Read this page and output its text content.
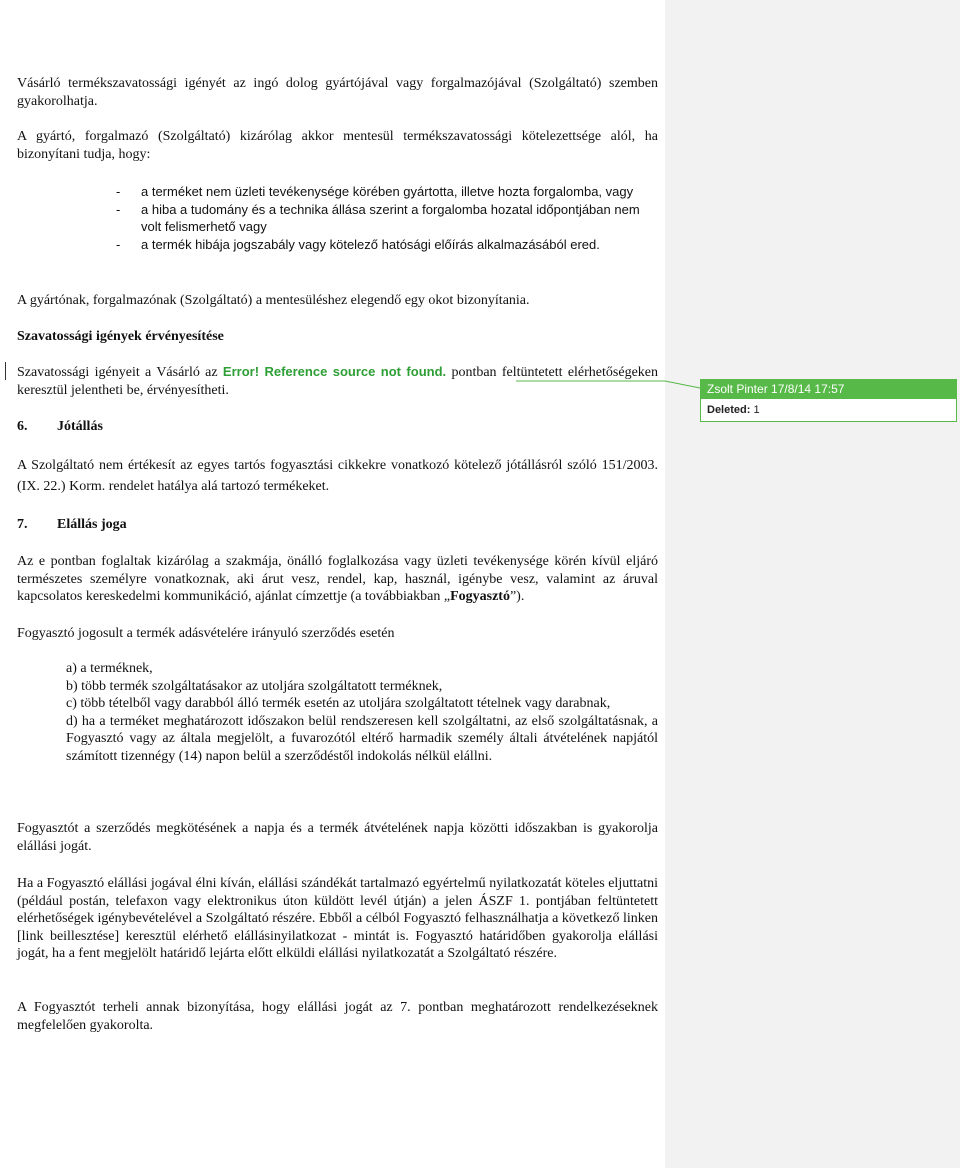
Vásárló termékszavatossági igényét az ingó dolog gyártójával vagy forgalmazójával (Szolgáltató) szemben gyakorolhatja.

A gyártó, forgalmazó (Szolgáltató) kizárólag akkor mentesül termékszavatossági kötelezettsége alól, ha bizonyítani tudja, hogy:

- a terméket nem üzleti tevékenysége körében gyártotta, illetve hozta forgalomba, vagy
- a hiba a tudomány és a technika állása szerint a forgalomba hozatal időpontjában nem volt felismerhető vagy
- a termék hibája jogszabály vagy kötelező hatósági előírás alkalmazásából ered.

A gyártónak, forgalmazónak (Szolgáltató) a mentesüléshez elegendő egy okot bizonyítania.

Szavatossági igények érvényesítése

Szavatossági igényeit a Vásárló az Error! Reference source not found. pontban feltüntetett elérhetőségeken keresztül jelentheti be, érvényesítheti.

6. Jótállás

A Szolgáltató nem értékesít az egyes tartós fogyasztási cikkekre vonatkozó kötelező jótállásról szóló 151/2003. (IX. 22.) Korm. rendelet hatálya alá tartozó termékeket.

7. Elállás joga

Az e pontban foglaltak kizárólag a szakmája, önálló foglalkozása vagy üzleti tevékenysége körén kívül eljáró természetes személyre vonatkoznak, aki árut vesz, rendel, kap, használ, igénybe vesz, valamint az áruval kapcsolatos kereskedelmi kommunikáció, ajánlat címzettje (a továbbiakban „Fogyasztó”).

Fogyasztó jogosult a termék adásvételére irányuló szerződés esetén

a) a terméknek,
b) több termék szolgáltatásakor az utoljára szolgáltatott terméknek,
c) több tételből vagy darabból álló termék esetén az utoljára szolgáltatott tételnek vagy darabnak,
d) ha a terméket meghatározott időszakon belül rendszeresen kell szolgáltatni, az első szolgáltatásnak, a Fogyasztó vagy az általa megjelölt, a fuvarozótól eltérő harmadik személy általi átvételének napjától számított tizennégy (14) napon belül a szerződéstől indokolás nélkül elállni.

Fogyasztót a szerződés megkötésének a napja és a termék átvételének napja közötti időszakban is gyakorolja elállási jogát.

Ha a Fogyasztó elállási jogával élni kíván, elállási szándékát tartalmazó egyértelmű nyilatkozatát köteles eljuttatni (például postán, telefaxon vagy elektronikus úton küldött levél útján) a jelen ÁSZF 1. pontjában feltüntetett elérhetőségek igénybevételével a Szolgáltató részére. Ebből a célból Fogyasztó felhasználhatja a következő linken [link beillesztése] keresztül elérhető elállásinyilatkozat - mintát is. Fogyasztó határidőben gyakorolja elállási jogát, ha a fent megjelölt határidő lejárta előtt elküldi elállási nyilatkozatát a Szolgáltató részére.

A Fogyasztót terheli annak bizonyítása, hogy elállási jogát az 7. pontban meghatározott rendelkezéseknek megfelelően gyakorolta.

Zsolt Pinter 17/8/14 17:57
Deleted: 1
